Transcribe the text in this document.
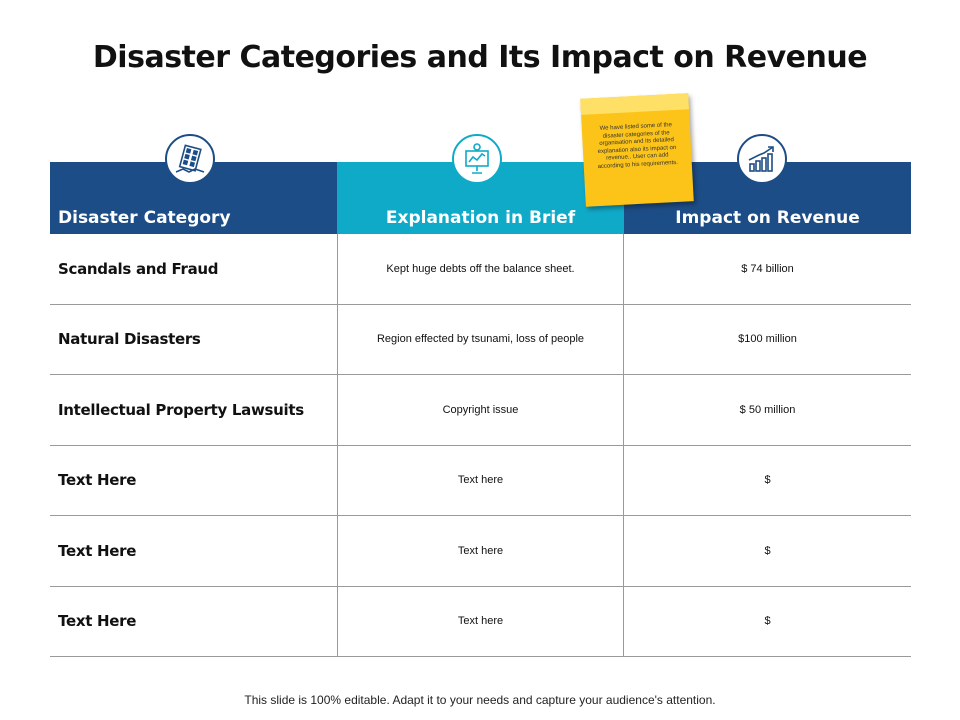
Disaster Categories and Its Impact on Revenue
Disaster Category	Explanation in Brief	Impact on Revenue
We have listed some of the disaster categories of the organisation and its detailed explanation also its impact on revenue.. User can add according to his requirements.
Scandals and Fraud	Kept huge debts off the balance sheet.	$ 74 billion
Natural Disasters	Region effected by tsunami, loss of people	$100 million
Intellectual Property Lawsuits	Copyright issue	$ 50 million
Text Here	Text here	$
Text Here	Text here	$
Text Here	Text here	$
This slide is 100% editable. Adapt it to your needs and capture your audience's attention.
